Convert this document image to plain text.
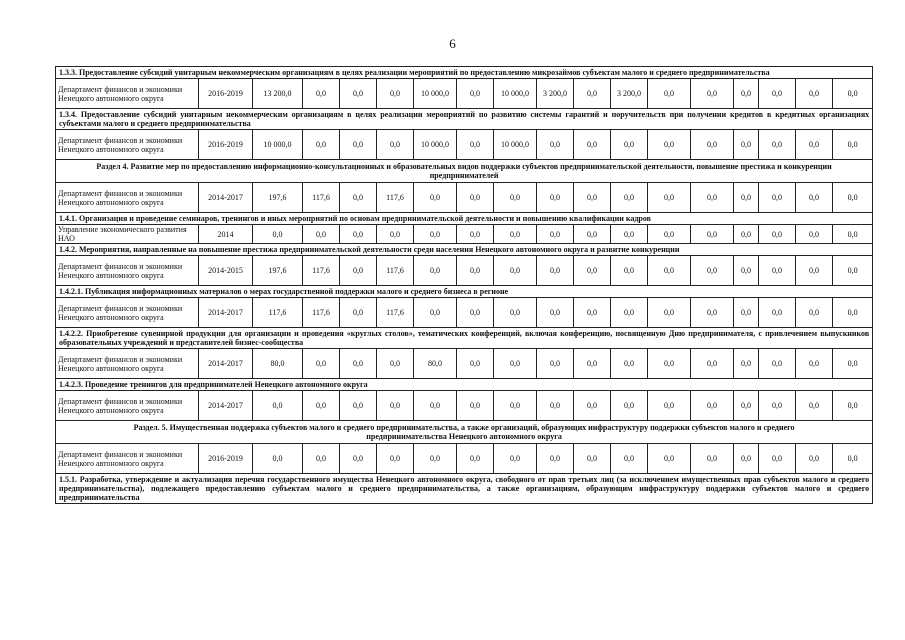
6
1.3.3. Предоставление субсидий унитарным некоммерческим организациям в целях реализации мероприятий по предоставлению микрозаймов субъектам малого и среднего предпринимательства																	
Департамент финансов и экономики Ненецкого автономного округа	2016-2019	13 200,0	0,0	0,0	0,0	10 000,0	0,0	10 000,0	3 200,0	0,0	3 200,0	0,0	0,0	0,0	0,0	0,0	0,0
1.3.4. Предоставление субсидий унитарным некоммерческим организациям в целях реализации мероприятий по развитию системы гарантий и поручительств при получении кредитов в кредитных организациях субъектами малого и среднего предпринимательства																	
Департамент финансов и экономики Ненецкого автономного округа	2016-2019	10 000,0	0,0	0,0	0,0	10 000,0	0,0	10 000,0	0,0	0,0	0,0	0,0	0,0	0,0	0,0	0,0	0,0
Раздел 4. Развитие мер по предоставлению информационно-консультационных и образовательных видов поддержки субъектов предпринимательской деятельности, повышение престижа и конкуренции предпринимателей																	
Департамент финансов и экономики Ненецкого автономного округа	2014-2017	197,6	117,6	0,0	117,6	0,0	0,0	0,0	0,0	0,0	0,0	0,0	0,0	0,0	0,0	0,0	0,0
1.4.1. Организация и проведение семинаров, тренингов и иных мероприятий по основам предпринимательской деятельности и повышению квалификации кадров																	
Управление экономического развития НАО	2014	0,0	0,0	0,0	0,0	0,0	0,0	0,0	0,0	0,0	0,0	0,0	0,0	0,0	0,0	0,0	0,0
1.4.2. Мероприятия, направленные на повышение престижа предпринимательской деятельности среди населения Ненецкого автономного округа и развитие конкуренции																	
Департамент финансов и экономики Ненецкого автономного округа	2014-2015	197,6	117,6	0,0	117,6	0,0	0,0	0,0	0,0	0,0	0,0	0,0	0,0	0,0	0,0	0,0	0,0
1.4.2.1. Публикация информационных материалов о мерах государственной поддержки малого и среднего бизнеса в регионе																	
Департамент финансов и экономики Ненецкого автономного округа	2014-2017	117,6	117,6	0,0	117,6	0,0	0,0	0,0	0,0	0,0	0,0	0,0	0,0	0,0	0,0	0,0	0,0
1.4.2.2. Приобретение сувенирной продукции для организации и проведения «круглых столов», тематических конференций, включая конференцию, посвященную Дню предпринимателя, с привлечением выпускников образовательных учреждений и представителей бизнес-сообщества																	
Департамент финансов и экономики Ненецкого автономного округа	2014-2017	80,0	0,0	0,0	0,0	80,0	0,0	0,0	0,0	0,0	0,0	0,0	0,0	0,0	0,0	0,0	0,0
1.4.2.3. Проведение тренингов для предпринимателей Ненецкого автономного округа																	
Департамент финансов и экономики Ненецкого автономного округа	2014-2017	0,0	0,0	0,0	0,0	0,0	0,0	0,0	0,0	0,0	0,0	0,0	0,0	0,0	0,0	0,0	0,0
Раздел. 5. Имущественная поддержка субъектов малого и среднего предпринимательства, а также организаций, образующих инфраструктуру поддержки субъектов малого и среднего предпринимательства Ненецкого автономного округа																	
Департамент финансов и экономики Ненецкого автономного округа	2016-2019	0,0	0,0	0,0	0,0	0,0	0,0	0,0	0,0	0,0	0,0	0,0	0,0	0,0	0,0	0,0	0,0
1.5.1. Разработка, утверждение и актуализация перечня государственного имущества Ненецкого автономного округа, свободного от прав третьих лиц (за исключением имущественных прав субъектов малого и среднего предпринимательства), подлежащего предоставлению субъектам малого и среднего предпринимательства, а также организациям, образующим инфраструктуру поддержки субъектов малого и среднего предпринимательства																	
